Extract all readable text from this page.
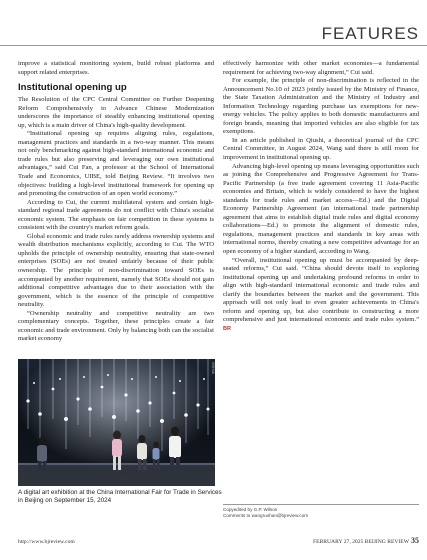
FEATURES

improve a statistical monitoring system, build robust platforms and support related enterprises.

Institutional opening up

The Resolution of the CPC Central Committee on Further Deepening Reform Comprehensively to Advance Chinese Modernization underscores the importance of steadily enhancing institutional opening up, which is a main driver of China's high-quality development.

“Institutional opening up requires aligning rules, regulations, management practices and standards in a two-way manner. This means not only benchmarking against high-standard international economic and trade rules but also preserving and leveraging our own institutional advantages,” said Cui Fan, a professor at the School of International Trade and Economics, UIBE, told Beijing Review. “It involves two objectives: building a high-level institutional framework for opening up and promoting the construction of an open world economy.”

According to Cui, the current multilateral system and certain high-standard regional trade agreements do not conflict with China's socialist economic system. The emphasis on fair competition in these systems is consistent with the country's market reform goals.

Global economic and trade rules rarely address ownership systems and wealth distribution mechanisms explicitly, according to Cui. The WTO upholds the principle of ownership neutrality, ensuring that state-owned enterprises (SOEs) are not treated unfairly because of their public ownership. The principle of non-discrimination toward SOEs is accompanied by another requirement, namely that SOEs should not gain additional competitive advantages due to their association with the government, which is the essence of the principle of competitive neutrality.

“Ownership neutrality and competitive neutrality are two complementary concepts. Together, these principles create a fair economic and trade environment. Only by balancing both can the socialist market economy

XINHUA
A digital art exhibition at the China International Fair for Trade in Services in Beijing on September 15, 2024

effectively harmonize with other market economies—a fundamental requirement for achieving two-way alignment,” Cui said.

For example, the principle of non-discrimination is reflected in the Announcement No.10 of 2023 jointly issued by the Ministry of Finance, the State Taxation Administration and the Ministry of Industry and Information Technology regarding purchase tax exemptions for new-energy vehicles. The policy applies to both domestic manufacturers and foreign brands, meaning that imported vehicles are also eligible for tax exemptions.

In an article published in Qiushi, a theoretical journal of the CPC Central Committee, in August 2024, Wang said there is still room for improvement in institutional opening up.

Advancing high-level opening up means leveraging opportunities such as joining the Comprehensive and Progressive Agreement for Trans-Pacific Partnership (a free trade agreement covering 11 Asia-Pacific economies and Britain, which is widely considered to have the highest standards for trade rules and market access—Ed.) and the Digital Economy Partnership Agreement (an international trade partnership agreement that aims to establish digital trade rules and digital economy collaborations—Ed.) to promote the alignment of domestic rules, regulations, management practices and standards in key areas with international norms, thereby creating a new competitive advantage for an open economy of a higher standard, according to Wang.

“Overall, institutional opening up must be accompanied by deep-seated reforms,” Cui said. “China should devote itself to exploring institutional opening up and undertaking profound reforms in order to align with high-standard international economic and trade rules and clarify the boundaries between the market and the government. This approach will not only lead to even greater achievements in China's reform and opening up, but also contribute to constructing a more comprehensive and just international economic and trade rules system.” BR

Copyedited by G.P. Wilson
Comments to wangruohan@bjreview.com
http://www.bjreview.com	FEBRUARY 27, 2025 BEIJING REVIEW 35
